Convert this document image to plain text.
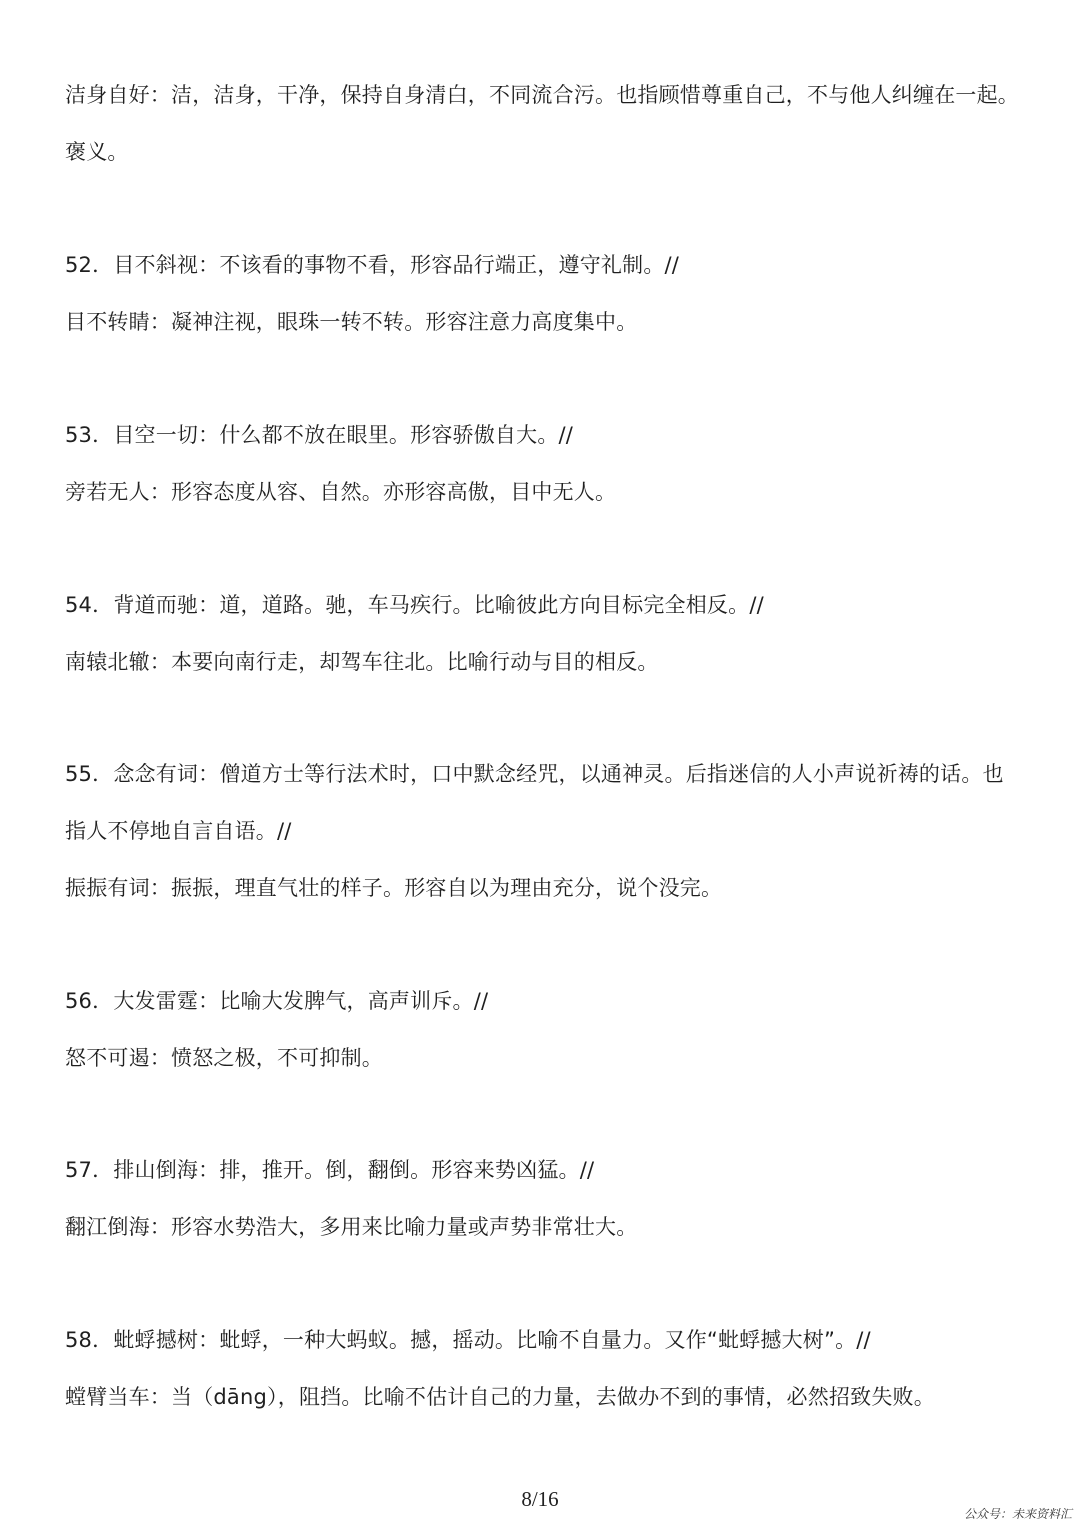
洁身自好：洁，洁身，干净，保持自身清白，不同流合污。也指顾惜尊重自己，不与他人纠缠在一起。
褒义。
52．目不斜视：不该看的事物不看，形容品行端正，遵守礼制。//
目不转睛：凝神注视，眼珠一转不转。形容注意力高度集中。
53．目空一切：什么都不放在眼里。形容骄傲自大。//
旁若无人：形容态度从容、自然。亦形容高傲，目中无人。
54．背道而驰：道，道路。驰，车马疾行。比喻彼此方向目标完全相反。//
南辕北辙：本要向南行走，却驾车往北。比喻行动与目的相反。
55．念念有词：僧道方士等行法术时，口中默念经咒，以通神灵。后指迷信的人小声说祈祷的话。也
指人不停地自言自语。//
振振有词：振振，理直气壮的样子。形容自以为理由充分，说个没完。
56．大发雷霆：比喻大发脾气，高声训斥。//
怒不可遏：愤怒之极，不可抑制。
57．排山倒海：排，推开。倒，翻倒。形容来势凶猛。//
翻江倒海：形容水势浩大，多用来比喻力量或声势非常壮大。
58．蚍蜉撼树：蚍蜉，一种大蚂蚁。撼，摇动。比喻不自量力。又作“蚍蜉撼大树”。//
螳臂当车：当（dāng），阻挡。比喻不估计自己的力量，去做办不到的事情，必然招致失败。
8/16
公众号：未来资料汇
